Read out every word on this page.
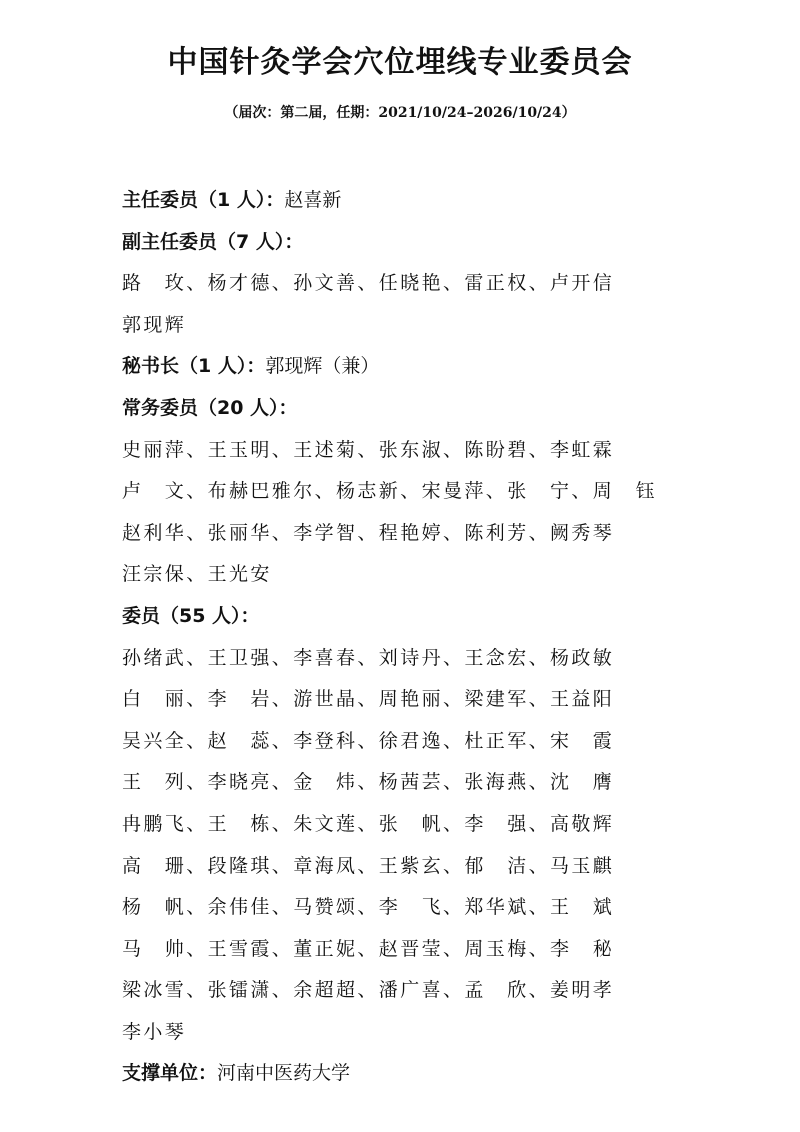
中国针灸学会穴位埋线专业委员会
（届次：第二届，任期：2021/10/24–2026/10/24）
主任委员（1 人）：赵喜新
副主任委员（7 人）：
路　玫、杨才德、孙文善、任晓艳、雷正权、卢开信
郭现辉
秘书长（1 人）：郭现辉（兼）
常务委员（20 人）：
史丽萍、王玉明、王述菊、张东淑、陈盼碧、李虹霖
卢　文、布赫巴雅尔、杨志新、宋曼萍、张　宁、周　钰
赵利华、张丽华、李学智、程艳婷、陈利芳、阙秀琴
汪宗保、王光安
委员（55 人）：
孙绪武、王卫强、李喜春、刘诗丹、王念宏、杨政敏
白　丽、李　岩、游世晶、周艳丽、梁建军、王益阳
吴兴全、赵　蕊、李登科、徐君逸、杜正军、宋　霞
王　列、李晓亮、金　炜、杨茜芸、张海燕、沈　膺
冉鹏飞、王　栋、朱文莲、张　帆、李　强、高敬辉
高　珊、段隆琪、章海凤、王紫玄、郁　洁、马玉麒
杨　帆、余伟佳、马赞颂、李　飞、郑华斌、王　斌
马　帅、王雪霞、董正妮、赵晋莹、周玉梅、李　秘
梁冰雪、张镭潇、余超超、潘广喜、孟　欣、姜明孝
李小琴
支撑单位：河南中医药大学
